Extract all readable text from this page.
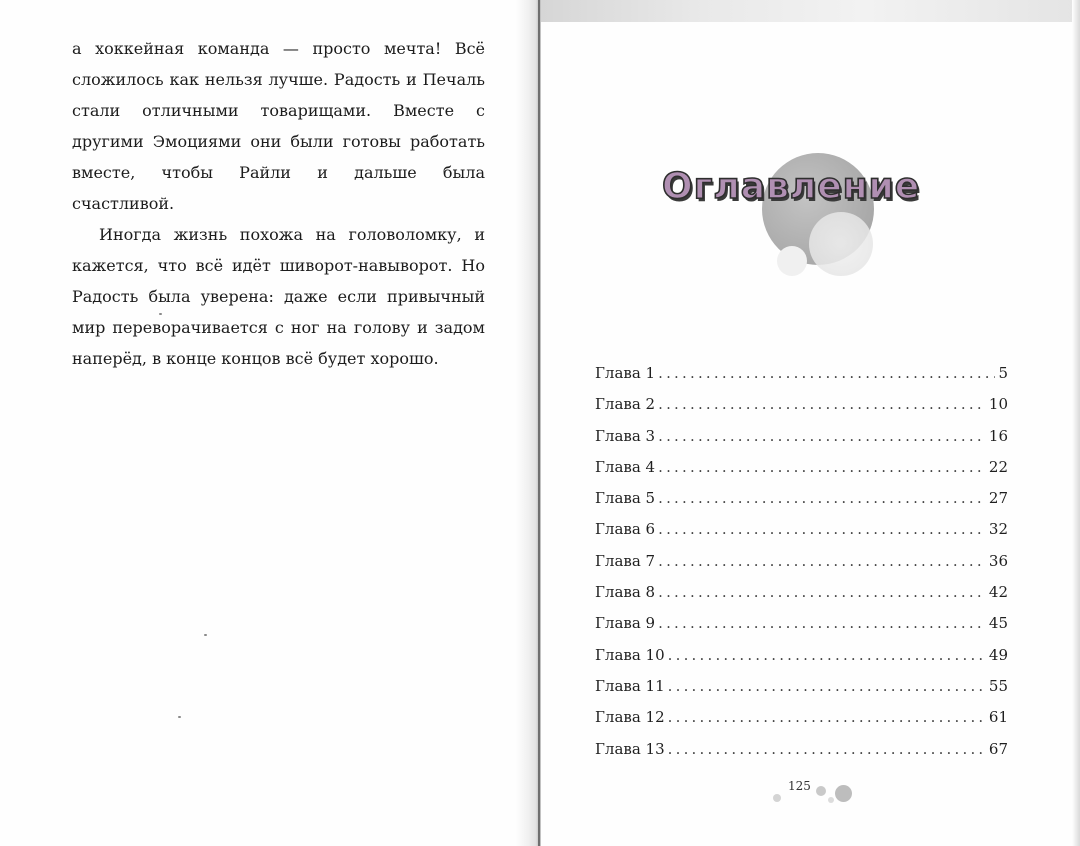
а хоккейная команда — просто мечта! Всё сложилось как нельзя лучше. Радость и Печаль стали отличными товарищами. Вместе с другими Эмоциями они были готовы работать вместе, чтобы Райли и дальше была счастливой.

Иногда жизнь похожа на головоломку, и кажется, что всё идёт шиворот-навыворот. Но Радость была уверена: даже если привычный мир переворачивается с ног на голову и задом наперёд, в конце концов всё будет хорошо.

Оглавление
Глава 1 .....	5
Глава 2 .....	10
Глава 3 .....	16
Глава 4 .....	22
Глава 5 .....	27
Глава 6 .....	32
Глава 7 .....	36
Глава 8 .....	42
Глава 9 .....	45
Глава 10 .....	49
Глава 11 .....	55
Глава 12 .....	61
Глава 13 .....	67
125
